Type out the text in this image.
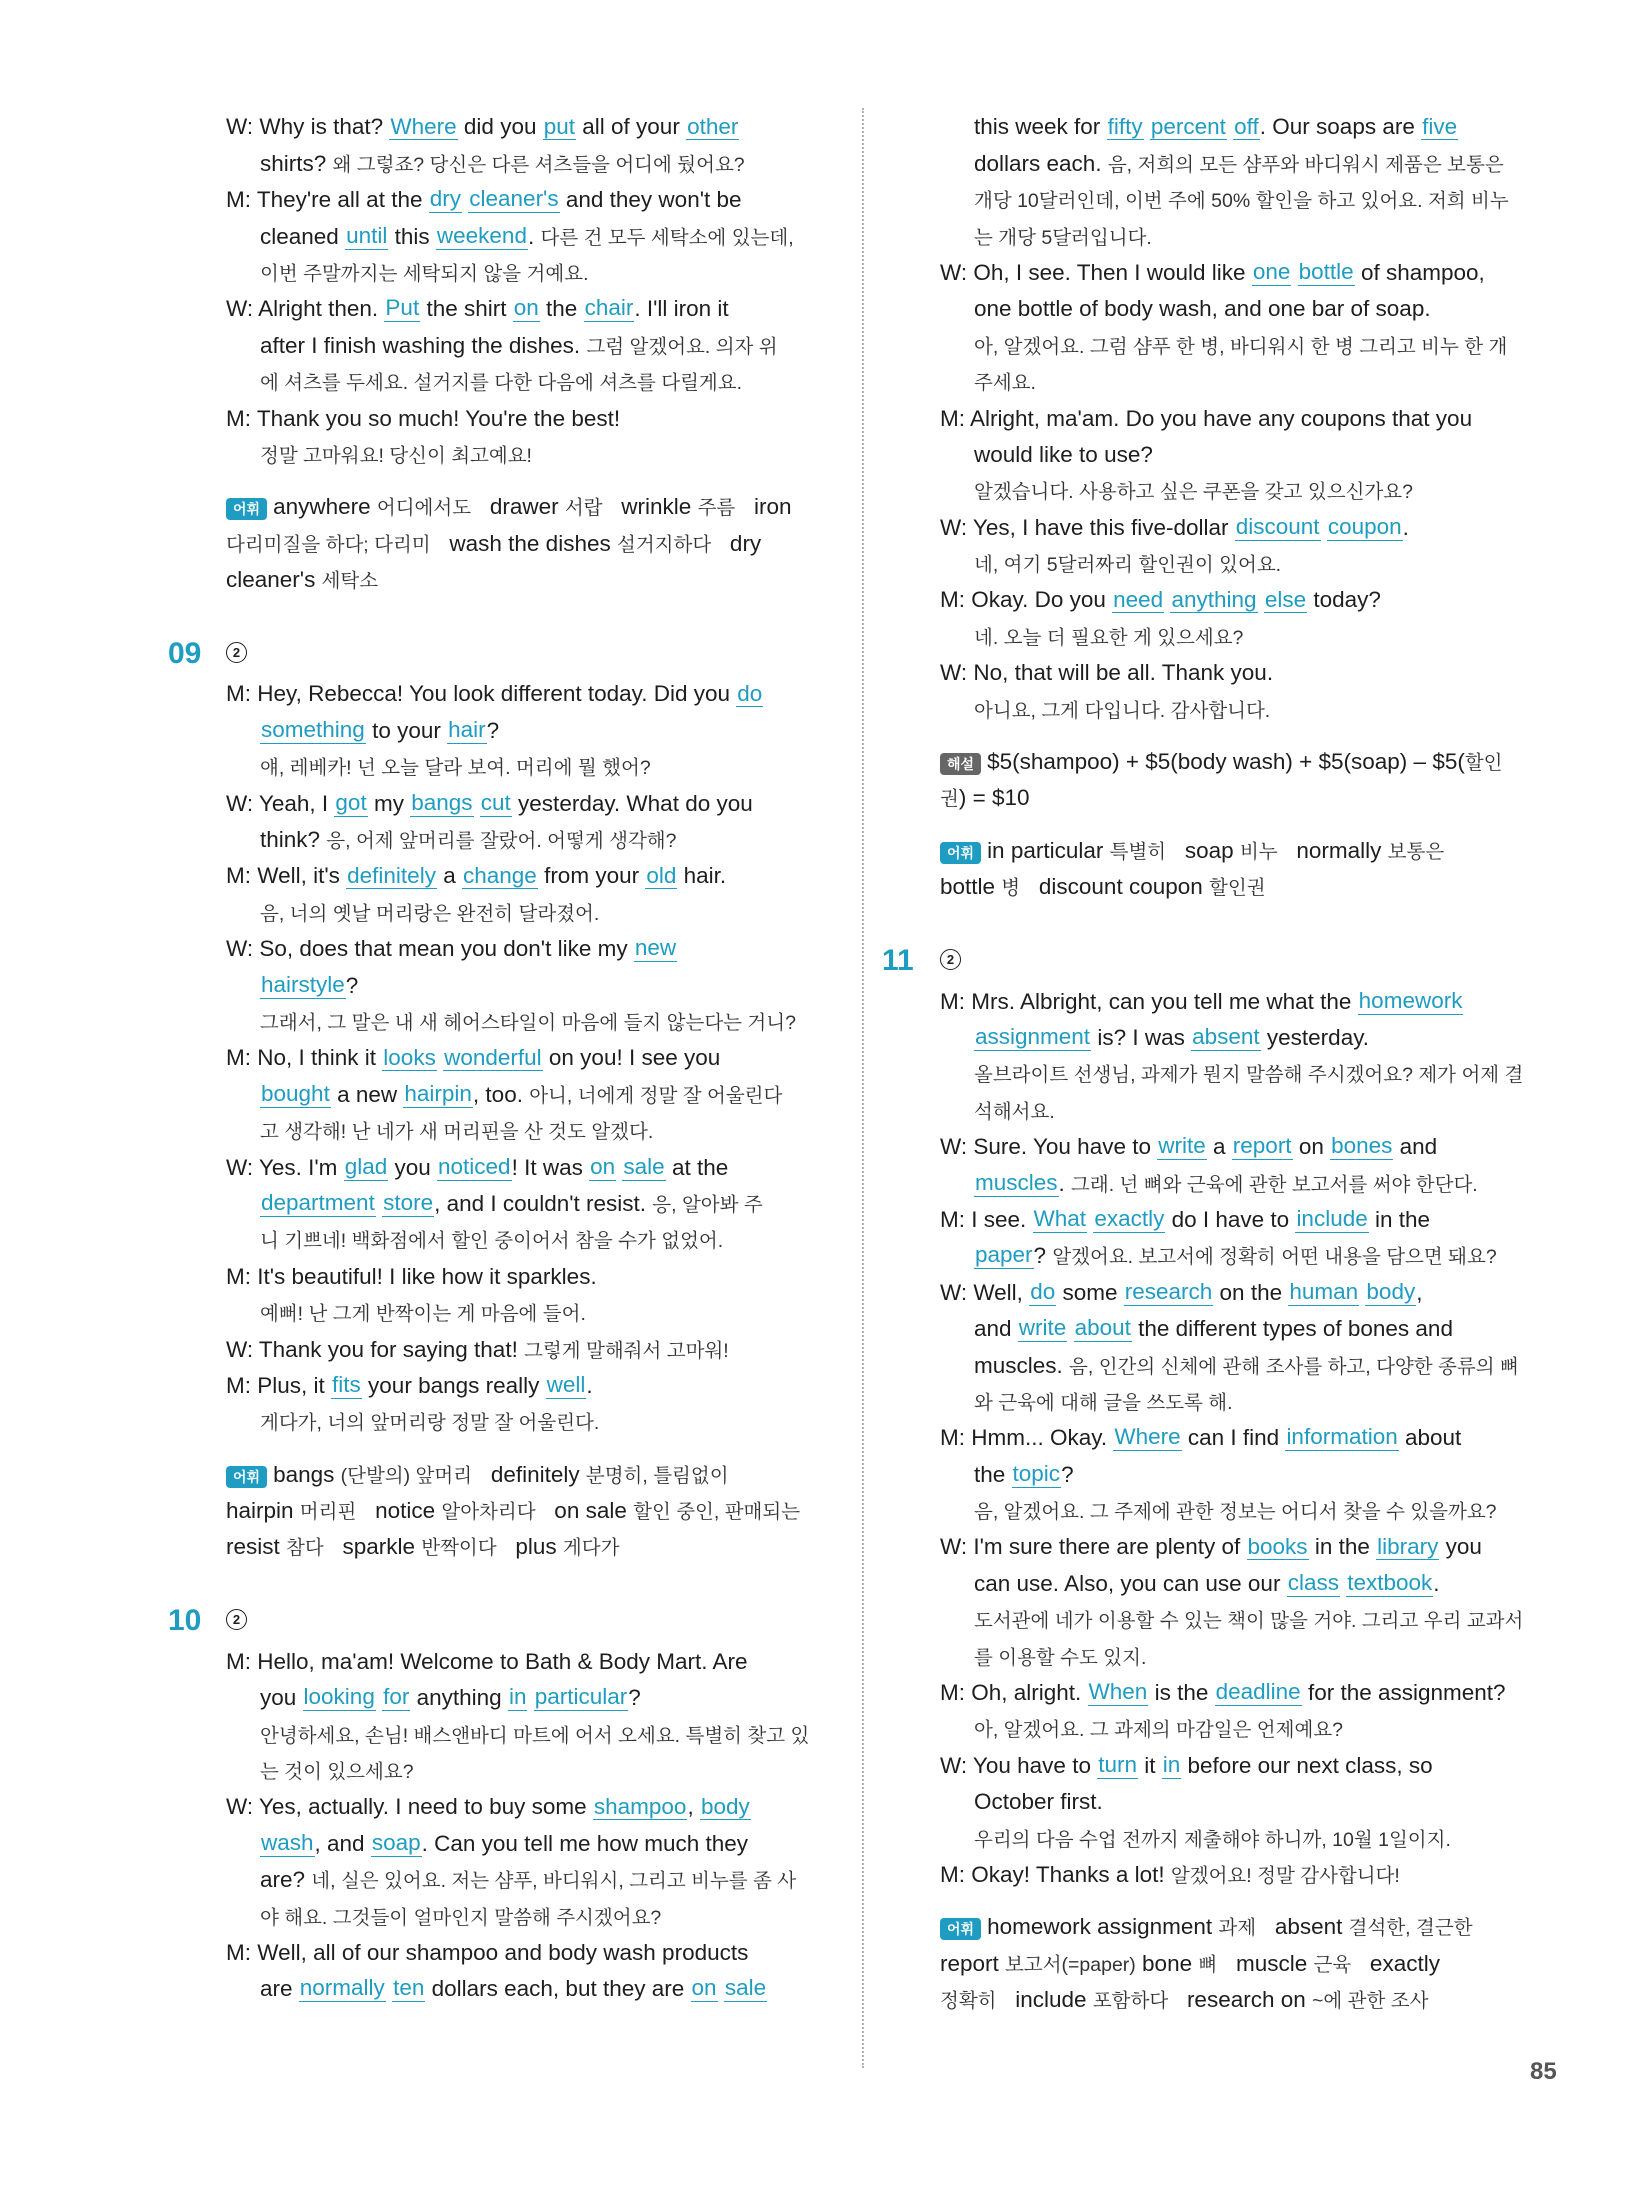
W: Why is that? Where did you put all of your other
shirts? 왜 그렇죠? 당신은 다른 셔츠들을 어디에 뒀어요?
M: They're all at the dry
cleaner's and they won't be
cleaned until this weekend . 다른 건 모두 세탁소에 있는데,
이번 주말까지는 세탁되지 않을 거예요.
W: Alright then. Put the shirt on the chair . I'll iron it
after I finish washing the dishes. 그럼 알겠어요. 의자 위
에 셔츠를 두세요. 설거지를 다한 다음에 셔츠를 다릴게요.
M: Thank you so much! You're the best!
정말 고마워요! 당신이 최고예요!
어휘 anywhere 어디에서도 drawer 서랍 wrinkle 주름 iron
다리미질을 하다; 다리미 wash the dishes 설거지하다 dry
cleaner's 세탁소
09	2
M: Hey, Rebecca! You look different today. Did you do
something to your hair ?
얘, 레베카! 넌 오늘 달라 보여. 머리에 뭘 했어?
W: Yeah, I got my bangs
cut yesterday. What do you
think? 응, 어제 앞머리를 잘랐어. 어떻게 생각해?
M: Well, it's definitely a change from your old hair.
음, 너의 옛날 머리랑은 완전히 달라졌어.
W: So, does that mean you don't like my new
hairstyle ?
그래서, 그 말은 내 새 헤어스타일이 마음에 들지 않는다는 거니?
M: No, I think it looks
wonderful on you! I see you
bought a new hairpin , too. 아니, 너에게 정말 잘 어울린다
고 생각해! 난 네가 새 머리핀을 산 것도 알겠다.
W: Yes. I'm glad you noticed ! It was on
sale at the
department
store , and I couldn't resist. 응, 알아봐 주
니 기쁘네! 백화점에서 할인 중이어서 참을 수가 없었어.
M: It's beautiful! I like how it sparkles.
예뻐! 난 그게 반짝이는 게 마음에 들어.
W: Thank you for saying that! 그렇게 말해줘서 고마워!
M: Plus, it fits your bangs really well .
게다가, 너의 앞머리랑 정말 잘 어울린다.
어휘 bangs (단발의) 앞머리 definitely 분명히, 틀림없이
hairpin 머리핀 notice 알아차리다 on sale 할인 중인, 판매되는
resist 참다 sparkle 반짝이다 plus 게다가
10	2
M: Hello, ma'am! Welcome to Bath & Body Mart. Are
you looking
for anything in
particular ?
안녕하세요, 손님! 배스앤바디 마트에 어서 오세요. 특별히 찾고 있
는 것이 있으세요?
W: Yes, actually. I need to buy some shampoo , body
wash , and soap . Can you tell me how much they
are? 네, 실은 있어요. 저는 샴푸, 바디워시, 그리고 비누를 좀 사
야 해요. 그것들이 얼마인지 말씀해 주시겠어요?
M: Well, all of our shampoo and body wash products
are normally
ten dollars each, but they are on
sale
this week for fifty
percent
off . Our soaps are five
dollars each. 음, 저희의 모든 샴푸와 바디워시 제품은 보통은
개당 10달러인데, 이번 주에 50% 할인을 하고 있어요. 저희 비누
는 개당 5달러입니다.
W: Oh, I see. Then I would like one
bottle of shampoo,
one bottle of body wash, and one bar of soap.
아, 알겠어요. 그럼 샴푸 한 병, 바디워시 한 병 그리고 비누 한 개
주세요.
M: Alright, ma'am. Do you have any coupons that you
would like to use?
알겠습니다. 사용하고 싶은 쿠폰을 갖고 있으신가요?
W: Yes, I have this five-dollar discount
coupon .
네, 여기 5달러짜리 할인권이 있어요.
M: Okay. Do you need
anything
else today?
네. 오늘 더 필요한 게 있으세요?
W: No, that will be all. Thank you.
아니요, 그게 다입니다. 감사합니다.
해설 $5(shampoo) + $5(body wash) + $5(soap) – $5( 할인
권 ) = $10
어휘 in particular 특별히 soap 비누 normally 보통은
bottle 병 discount coupon 할인권
11	2
M: Mrs. Albright, can you tell me what the homework
assignment is? I was absent yesterday.
올브라이트 선생님, 과제가 뭔지 말씀해 주시겠어요? 제가 어제 결
석해서요.
W: Sure. You have to write a report on bones and
muscles . 그래. 넌 뼈와 근육에 관한 보고서를 써야 한단다.
M: I see. What
exactly do I have to include in the
paper ? 알겠어요. 보고서에 정확히 어떤 내용을 담으면 돼요?
W: Well, do some research on the human
body ,
and write
about the different types of bones and
muscles. 음, 인간의 신체에 관해 조사를 하고, 다양한 종류의 뼈
와 근육에 대해 글을 쓰도록 해.
M: Hmm... Okay. Where can I find information about
the topic ?
음, 알겠어요. 그 주제에 관한 정보는 어디서 찾을 수 있을까요?
W: I'm sure there are plenty of books in the library you
can use. Also, you can use our class
textbook .
도서관에 네가 이용할 수 있는 책이 많을 거야. 그리고 우리 교과서
를 이용할 수도 있지.
M: Oh, alright. When is the deadline for the assignment?
아, 알겠어요. 그 과제의 마감일은 언제예요?
W: You have to turn it in before our next class, so
October first.
우리의 다음 수업 전까지 제출해야 하니까, 10월 1일이지.
M: Okay! Thanks a lot! 알겠어요! 정말 감사합니다!
어휘 homework assignment 과제 absent 결석한, 결근한
report 보고서(=paper) bone 뼈 muscle 근육 exactly
정확히 include 포함하다 research on ~에 관한 조사
85
